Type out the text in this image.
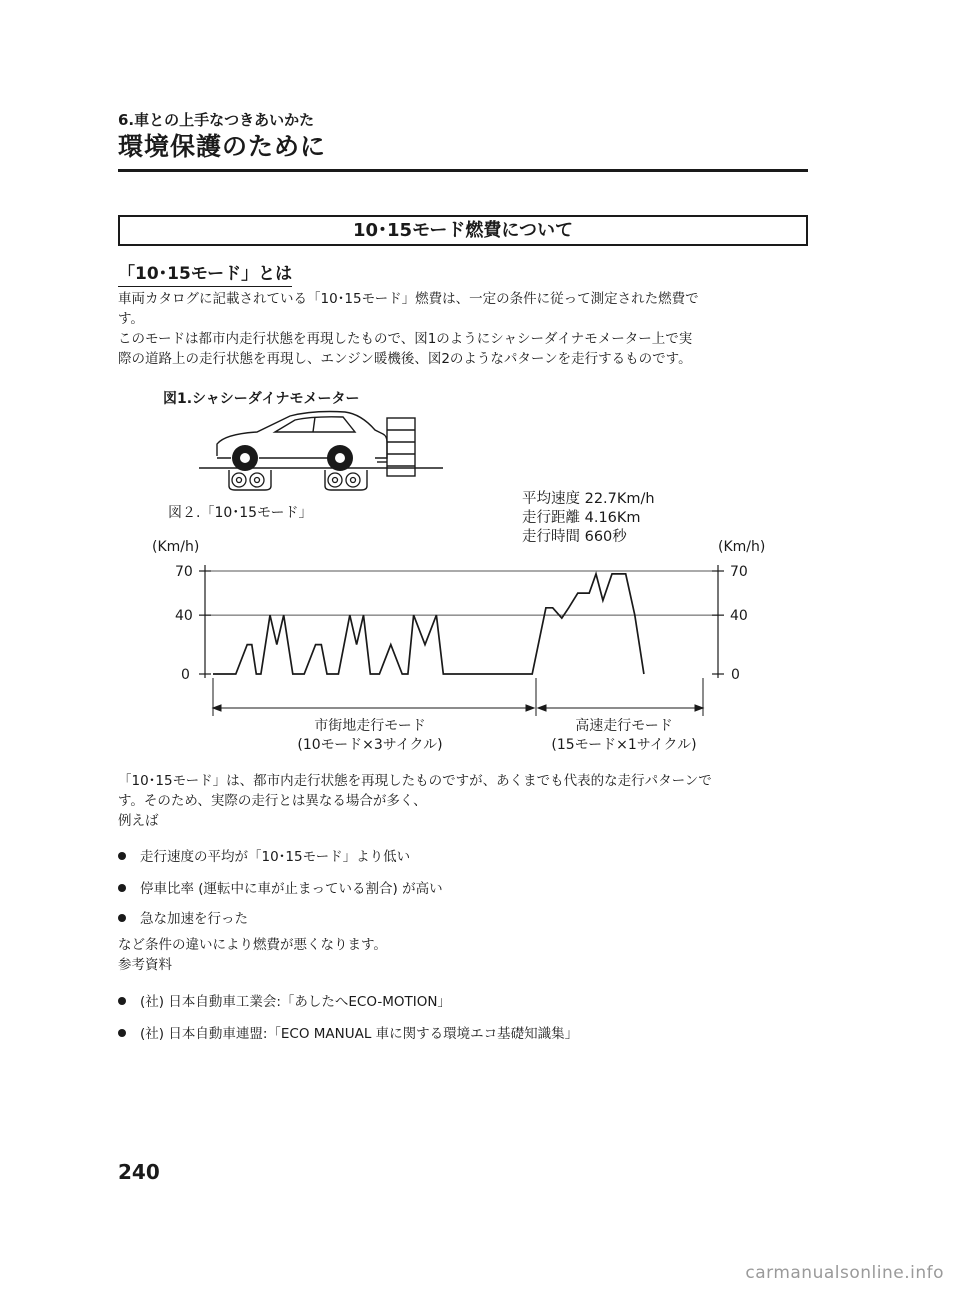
6.車との上手なつきあいかた
環境保護のために
10･15モード燃費について
「10･15モード」とは
車両カタログに記載されている「10･15モード」燃費は、一定の条件に従って測定された燃費で
す。
このモードは都市内走行状態を再現したもので、図1のようにシャシーダイナモメーター上で実
際の道路上の走行状態を再現し、エンジン暖機後、図2のようなパターンを走行するものです。
図1.シャシーダイナモメーター
図２.「10･15モード」
平均速度 22.7Km/h
走行距離 4.16Km
走行時間 660秒
(Km/h)	(Km/h)
70
40
0
70
40
0
市街地走行モード
(10モード×3サイクル)
高速走行モード
(15モード×1サイクル)
「10･15モード」は、都市内走行状態を再現したものですが、あくまでも代表的な走行パターンで
す。そのため、実際の走行とは異なる場合が多く、
例えば
走行速度の平均が「10･15モード」より低い
停車比率 (運転中に車が止まっている割合) が高い
急な加速を行った
など条件の違いにより燃費が悪くなります。
参考資料
(社) 日本自動車工業会:「あしたへECO-MOTION」
(社) 日本自動車連盟:「ECO MANUAL 車に関する環境エコ基礎知識集」
240
carmanualsonline.info
